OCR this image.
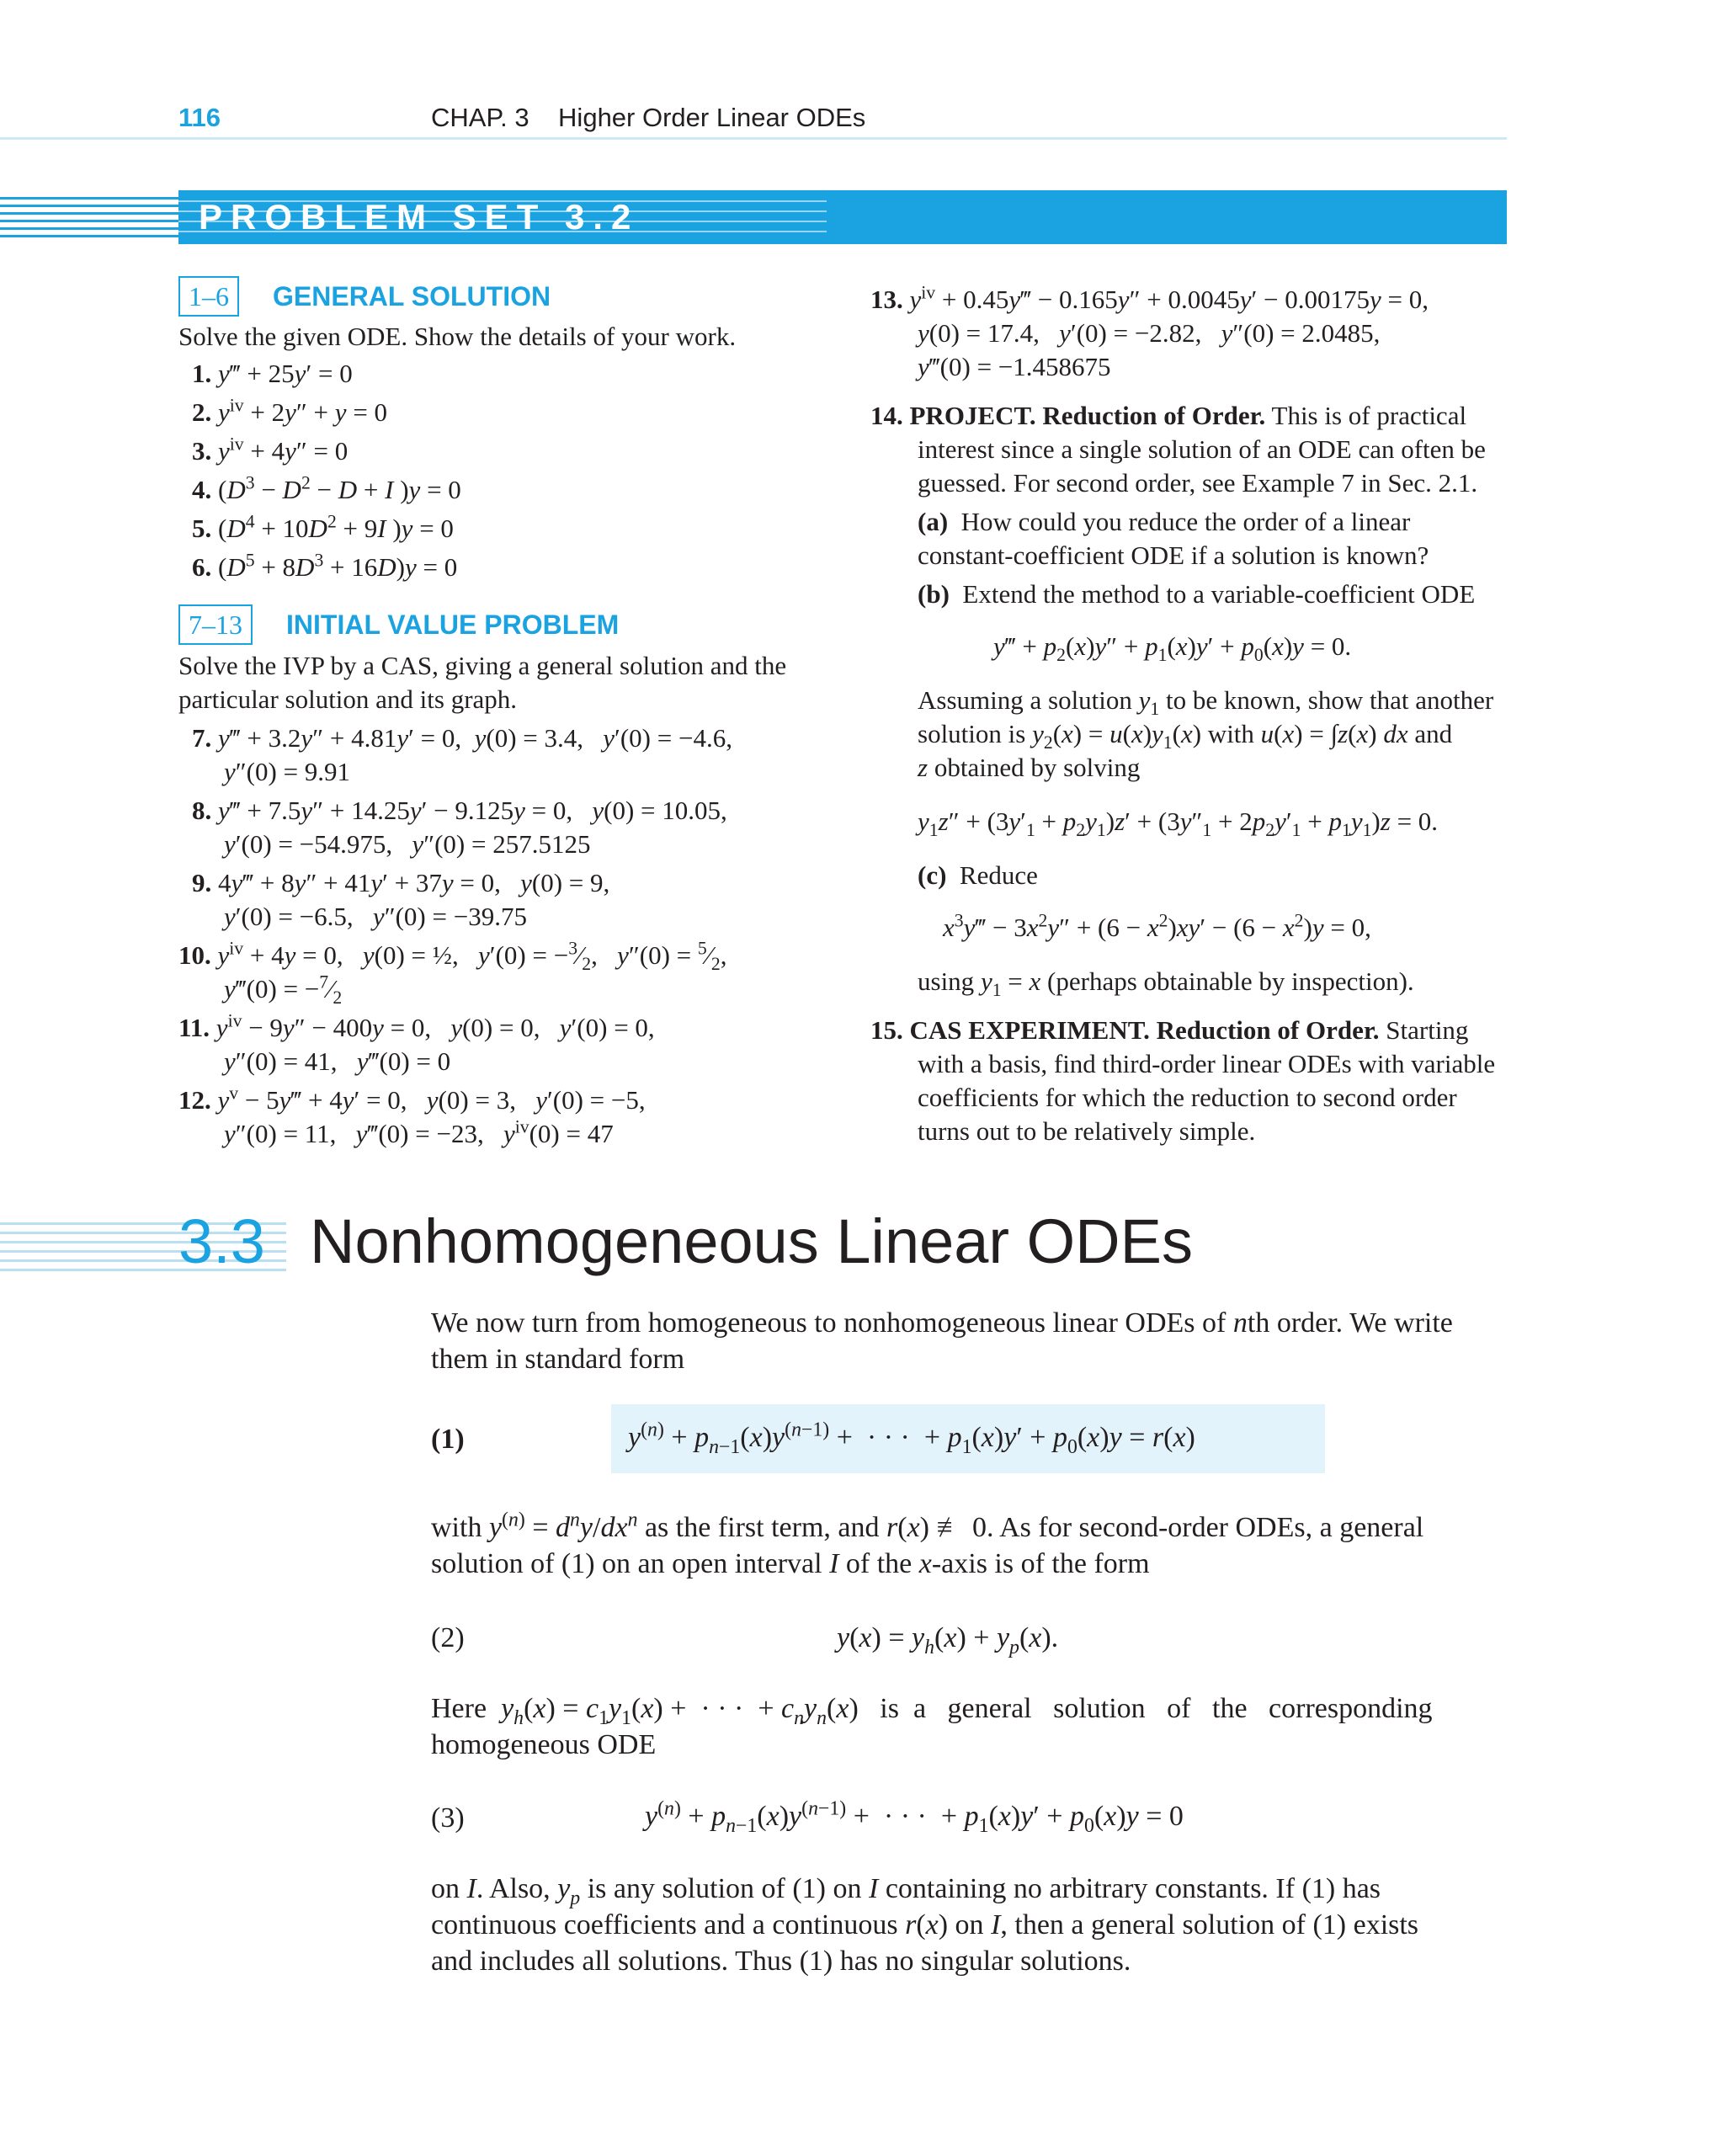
116	CHAP. 3    Higher Order Linear ODEs
PROBLEM SET 3.2
1–6 GENERAL SOLUTION
Solve the given ODE. Show the details of your work.
1. y‴ + 25y′ = 0
2. $y^{iv} + 2y'' + y = 0$
3. $y^{iv} + 4y'' = 0$
4. ($D^3 - D^2 - D + I$ )y = 0
5. ($D^4 + 10D^2 + 9I$ )y = 0
6. $(D^5 + 8D^3 + 16D)y = 0$
7–13 INITIAL VALUE PROBLEM
Solve the IVP by a CAS, giving a general solution and the
particular solution and its graph.
7. y‴ + 3.2y″ + 4.81y′ = 0,  y(0) = 3.4,   y′(0) = −4.6,
y″(0) = 9.91
8. y‴ + 7.5y″ + 14.25y′ − 9.125y = 0,   y(0) = 10.05,
y′(0) = −54.975,   y″(0) = 257.5125
9. 4y‴ + 8y″ + 41y′ + 37y = 0,   y(0) = 9,
y′(0) = −6.5,   y″(0) = −39.75
10. $y^{iv} + 4y = 0$,   y(0) = ½,   $y'(0) = -^3⁄_2$,   $y''(0) = ^5⁄_2$,
y‴(0) = $-^7⁄_2$
11. $y^{iv} - 9y'' - 400y = 0$,   y(0) = 0,   y′(0) = 0,
y″(0) = 41,   y‴(0) = 0
12. $y^v$ − 5y‴ + 4y′ = 0,   y(0) = 3,   y′(0) = −5,
y″(0) = 11,   y‴(0) = −23,   $y^{iv}(0) = 47$
13. $y^{iv}$ + 0.45y‴ − 0.165y″ + 0.0045y′ − 0.00175y = 0,
y(0) = 17.4,   y′(0) = −2.82,   y″(0) = 2.0485,
y‴(0) = −1.458675
14. PROJECT. Reduction of Order. This is of practical
interest since a single solution of an ODE can often be
guessed. For second order, see Example 7 in Sec. 2.1.
(a) How could you reduce the order of a linear
constant-coefficient ODE if a solution is known?
(b) Extend the method to a variable-coefficient ODE
y‴ + $p_2(x)y'' + p_1(x)y' + p_0(x)y = 0$.
Assuming a solution $y_1$ to be known, show that another
solution is $y_2(x) = u(x)y_1(x)$ with u(x) = ∫z(x) dx and
z obtained by solving
$y_1z'' + (3y'_1 + p_2y_1)z' + (3y''_1 + 2p_2y'_1 + p_1y_1)z = 0$.
(c) Reduce
$x^3y‴ - 3x^2y'' + (6 - x^2)xy' - (6 - x^2)y = 0$,
using $y_1 = x$ (perhaps obtainable by inspection).
15. CAS EXPERIMENT. Reduction of Order. Starting
with a basis, find third-order linear ODEs with variable
coefficients for which the reduction to second order
turns out to be relatively simple.
3.3 Nonhomogeneous Linear ODEs
We now turn from homogeneous to nonhomogeneous linear ODEs of nth order. We write
them in standard form
(1)	$y^{(n)} + p_{n-1}(x)y^{(n-1)}$ +  · · ·  + $p_1(x)y' + p_0(x)y = r(x)$
with $y^{(n)} = d^ny/dx^n$ as the first term, and r(x) ≢ 0. As for second-order ODEs, a general
solution of (1) on an open interval I of the x-axis is of the form
(2)	$y(x) = y_h(x) + y_p(x)$.
Here  $y_h(x) = c_1y_1(x)$ +  · · ·  + $c_ny_n(x)$   is  a   general   solution   of   the   corresponding
homogeneous ODE
(3)	$y^{(n)} + p_{n-1}(x)y^{(n-1)}$ +  · · ·  + $p_1(x)y' + p_0(x)y = 0$
on I. Also, $y_p$ is any solution of (1) on I containing no arbitrary constants. If (1) has
continuous coefficients and a continuous r(x) on I, then a general solution of (1) exists
and includes all solutions. Thus (1) has no singular solutions.
